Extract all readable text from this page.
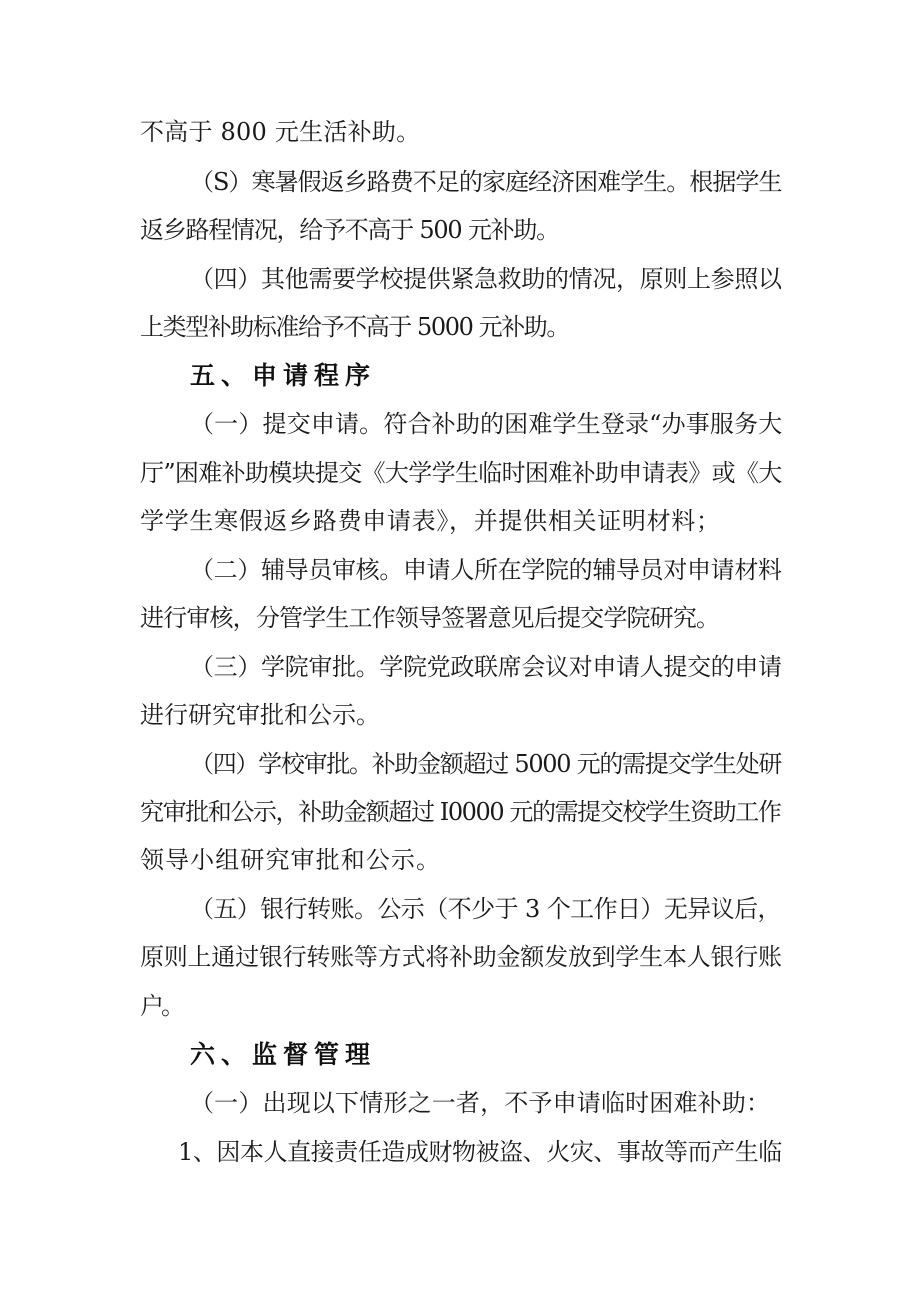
不高于 800 元生活补助。
（S）寒暑假返乡路费不足的家庭经济困难学生。根据学生
返乡路程情况，给予不高于 500 元补助。
（四）其他需要学校提供紧急救助的情况，原则上参照以
上类型补助标准给予不高于 5000 元补助。
五、申请程序
（一）提交申请。符合补助的困难学生登录“办事服务大
厅”困难补助模块提交《大学学生临时困难补助申请表》或《大
学学生寒假返乡路费申请表》，并提供相关证明材料；
（二）辅导员审核。申请人所在学院的辅导员对申请材料
进行审核，分管学生工作领导签署意见后提交学院研究。
（三）学院审批。学院党政联席会议对申请人提交的申请
进行研究审批和公示。
（四）学校审批。补助金额超过 5000 元的需提交学生处研
究审批和公示，补助金额超过 I0000 元的需提交校学生资助工作
领导小组研究审批和公示。
（五）银行转账。公示（不少于 3 个工作日）无异议后，
原则上通过银行转账等方式将补助金额发放到学生本人银行账
户。
六、监督管理
（一）出现以下情形之一者，不予申请临时困难补助：
1、因本人直接责任造成财物被盗、火灾、事故等而产生临
